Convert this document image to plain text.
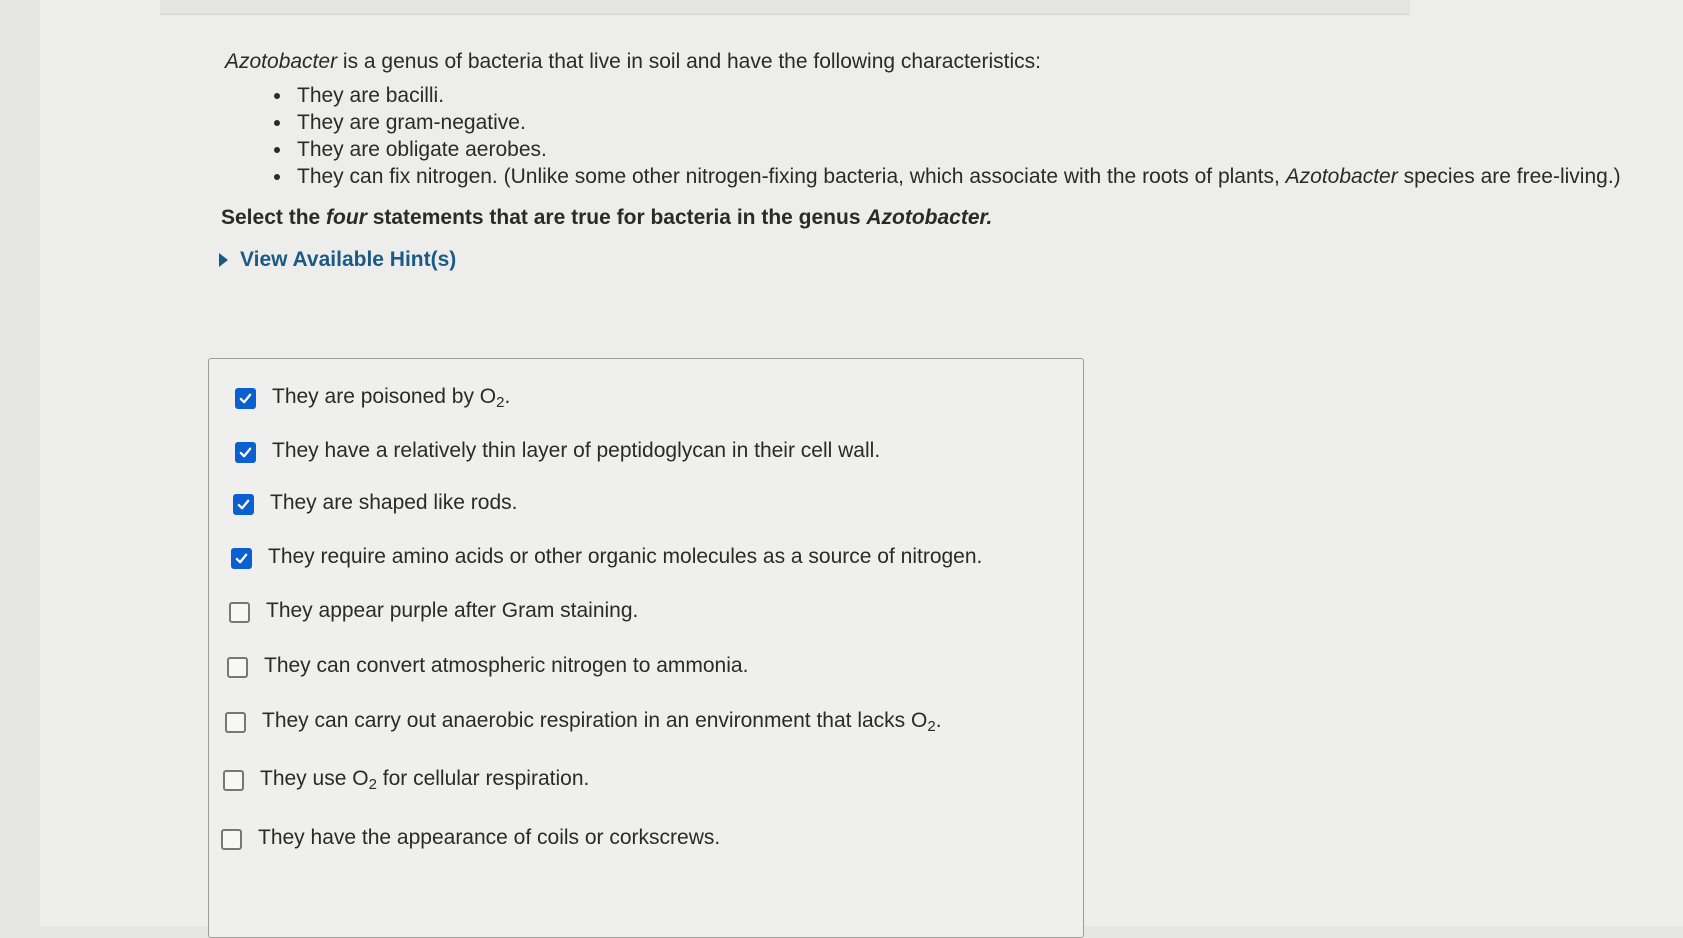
Azotobacter is a genus of bacteria that live in soil and have the following characteristics:

• They are bacilli.
• They are gram-negative.
• They are obligate aerobes.
• They can fix nitrogen. (Unlike some other nitrogen-fixing bacteria, which associate with the roots of plants, Azotobacter species are free-living.)
Select the four statements that are true for bacteria in the genus Azotobacter.
View Available Hint(s)
They are poisoned by $O_2$.
They have a relatively thin layer of peptidoglycan in their cell wall.
They are shaped like rods.
They require amino acids or other organic molecules as a source of nitrogen.
They appear purple after Gram staining.
They can convert atmospheric nitrogen to ammonia.
They can carry out anaerobic respiration in an environment that lacks $O_2$.
They use $O_2$ for cellular respiration.
They have the appearance of coils or corkscrews.
